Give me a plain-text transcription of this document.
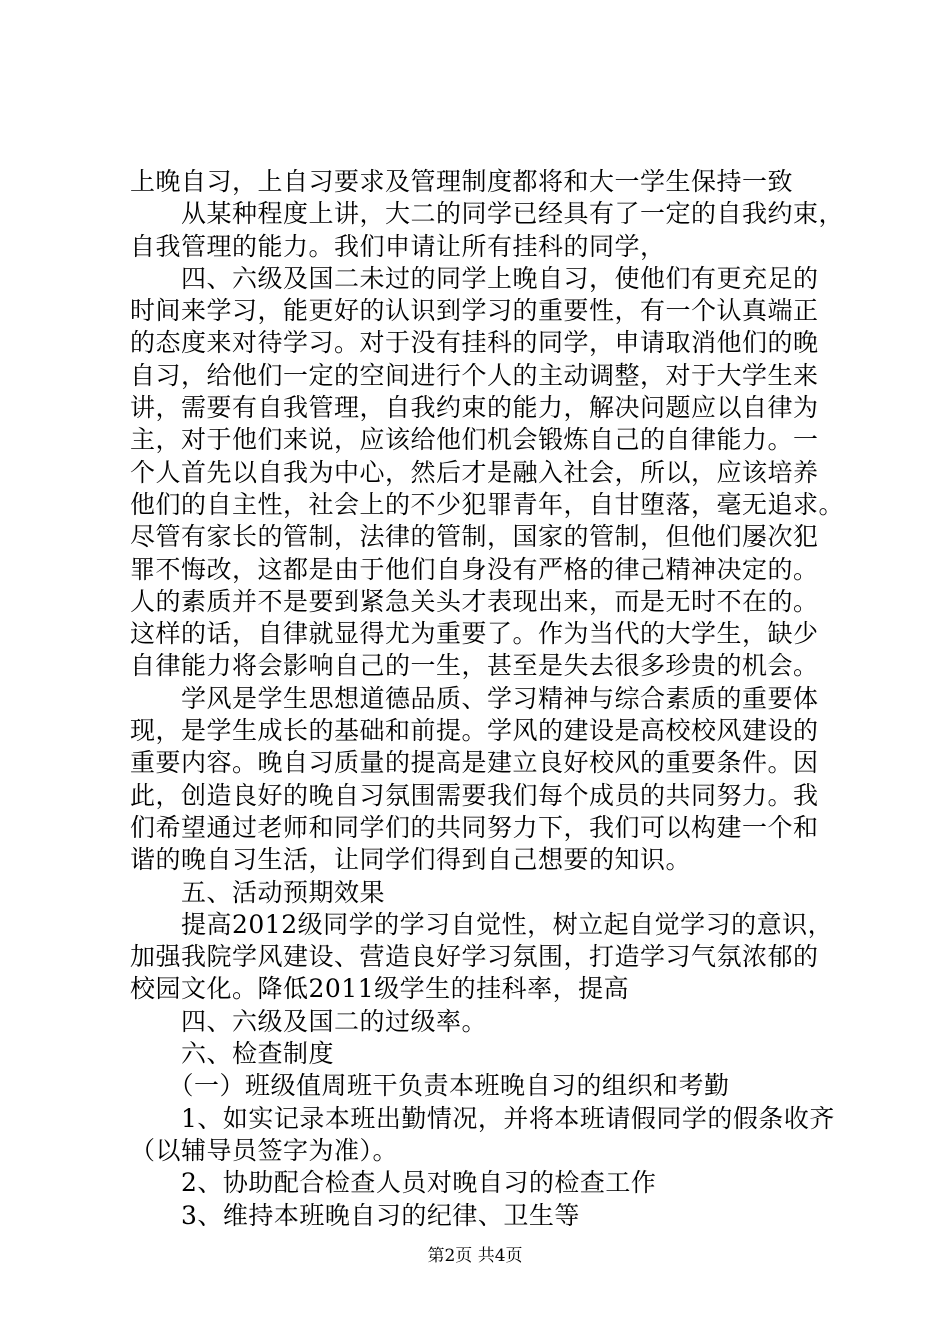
上晚自习，上自习要求及管理制度都将和大一学生保持一致
　　从某种程度上讲，大二的同学已经具有了一定的自我约束，
自我管理的能力。我们申请让所有挂科的同学，
　　四、六级及国二未过的同学上晚自习，使他们有更充足的
时间来学习，能更好的认识到学习的重要性，有一个认真端正
的态度来对待学习。对于没有挂科的同学，申请取消他们的晚
自习，给他们一定的空间进行个人的主动调整，对于大学生来
讲，需要有自我管理，自我约束的能力，解决问题应以自律为
主，对于他们来说，应该给他们机会锻炼自己的自律能力。一
个人首先以自我为中心，然后才是融入社会，所以，应该培养
他们的自主性，社会上的不少犯罪青年，自甘堕落，毫无追求。
尽管有家长的管制，法律的管制，国家的管制，但他们屡次犯
罪不悔改，这都是由于他们自身没有严格的律己精神决定的。
人的素质并不是要到紧急关头才表现出来，而是无时不在的。
这样的话，自律就显得尤为重要了。作为当代的大学生，缺少
自律能力将会影响自己的一生，甚至是失去很多珍贵的机会。
　　学风是学生思想道德品质、学习精神与综合素质的重要体
现，是学生成长的基础和前提。学风的建设是高校校风建设的
重要内容。晚自习质量的提高是建立良好校风的重要条件。因
此，创造良好的晚自习氛围需要我们每个成员的共同努力。我
们希望通过老师和同学们的共同努力下，我们可以构建一个和
谐的晚自习生活，让同学们得到自己想要的知识。
　　五、活动预期效果
　　提高2012级同学的学习自觉性，树立起自觉学习的意识，
加强我院学风建设、营造良好学习氛围，打造学习气氛浓郁的
校园文化。降低2011级学生的挂科率，提高
　　四、六级及国二的过级率。
　　六、检查制度
　　（一）班级值周班干负责本班晚自习的组织和考勤
　　1、如实记录本班出勤情况，并将本班请假同学的假条收齐
（以辅导员签字为准）。
　　2、协助配合检查人员对晚自习的检查工作
　　3、维持本班晚自习的纪律、卫生等
第2页 共4页
